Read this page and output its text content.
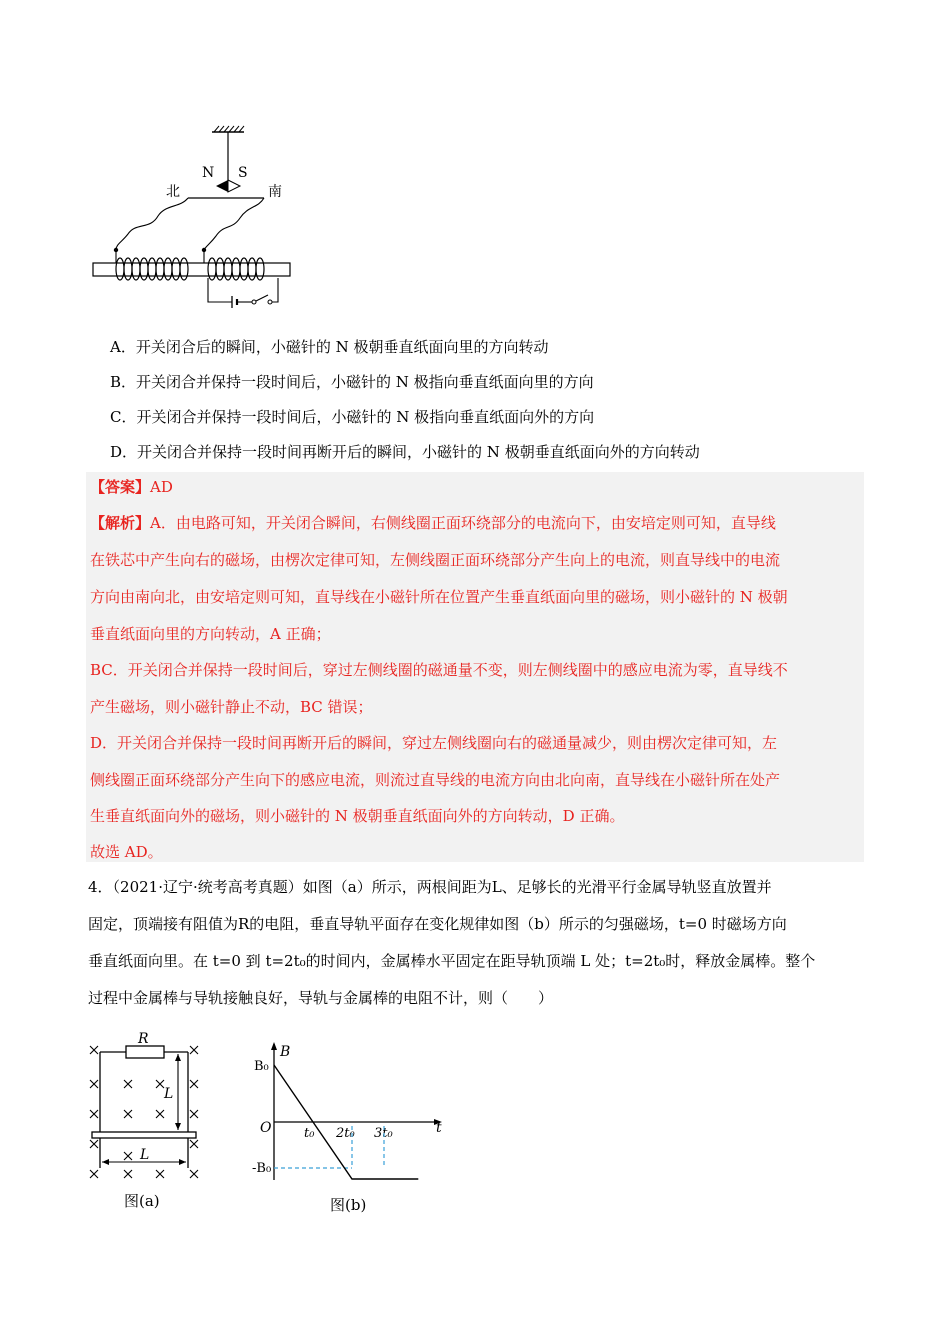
N S
北	南
A．开关闭合后的瞬间，小磁针的 N 极朝垂直纸面向里的方向转动
B．开关闭合并保持一段时间后，小磁针的 N 极指向垂直纸面向里的方向
C．开关闭合并保持一段时间后，小磁针的 N 极指向垂直纸面向外的方向
D．开关闭合并保持一段时间再断开后的瞬间，小磁针的 N 极朝垂直纸面向外的方向转动
【答案】AD
【解析】A．由电路可知，开关闭合瞬间，右侧线圈正面环绕部分的电流向下，由安培定则可知，直导线
在铁芯中产生向右的磁场，由楞次定律可知，左侧线圈正面环绕部分产生向上的电流，则直导线中的电流
方向由南向北，由安培定则可知，直导线在小磁针所在位置产生垂直纸面向里的磁场，则小磁针的 N 极朝
垂直纸面向里的方向转动，A 正确；
BC．开关闭合并保持一段时间后，穿过左侧线圈的磁通量不变，则左侧线圈中的感应电流为零，直导线不
产生磁场，则小磁针静止不动，BC 错误；
D．开关闭合并保持一段时间再断开后的瞬间，穿过左侧线圈向右的磁通量减少，则由楞次定律可知，左
侧线圈正面环绕部分产生向下的感应电流，则流过直导线的电流方向由北向南，直导线在小磁针所在处产
生垂直纸面向外的磁场，则小磁针的 N 极朝垂直纸面向外的方向转动，D 正确。
故选 AD。
4．（2021·辽宁·统考高考真题）如图（a）所示，两根间距为L、足够长的光滑平行金属导轨竖直放置并
固定，顶端接有阻值为R的电阻，垂直导轨平面存在变化规律如图（b）所示的匀强磁场，t=0 时磁场方向
垂直纸面向里。在 t=0 到 t=2t₀的时间内，金属棒水平固定在距导轨顶端 L 处；t=2t₀时，释放金属棒。整个
过程中金属棒与导轨接触良好，导轨与金属棒的电阻不计，则（　　）
R
L
L
图(a)
B
t
O
B₀
-B₀
t₀ 2t₀ 3t₀
图(b)
